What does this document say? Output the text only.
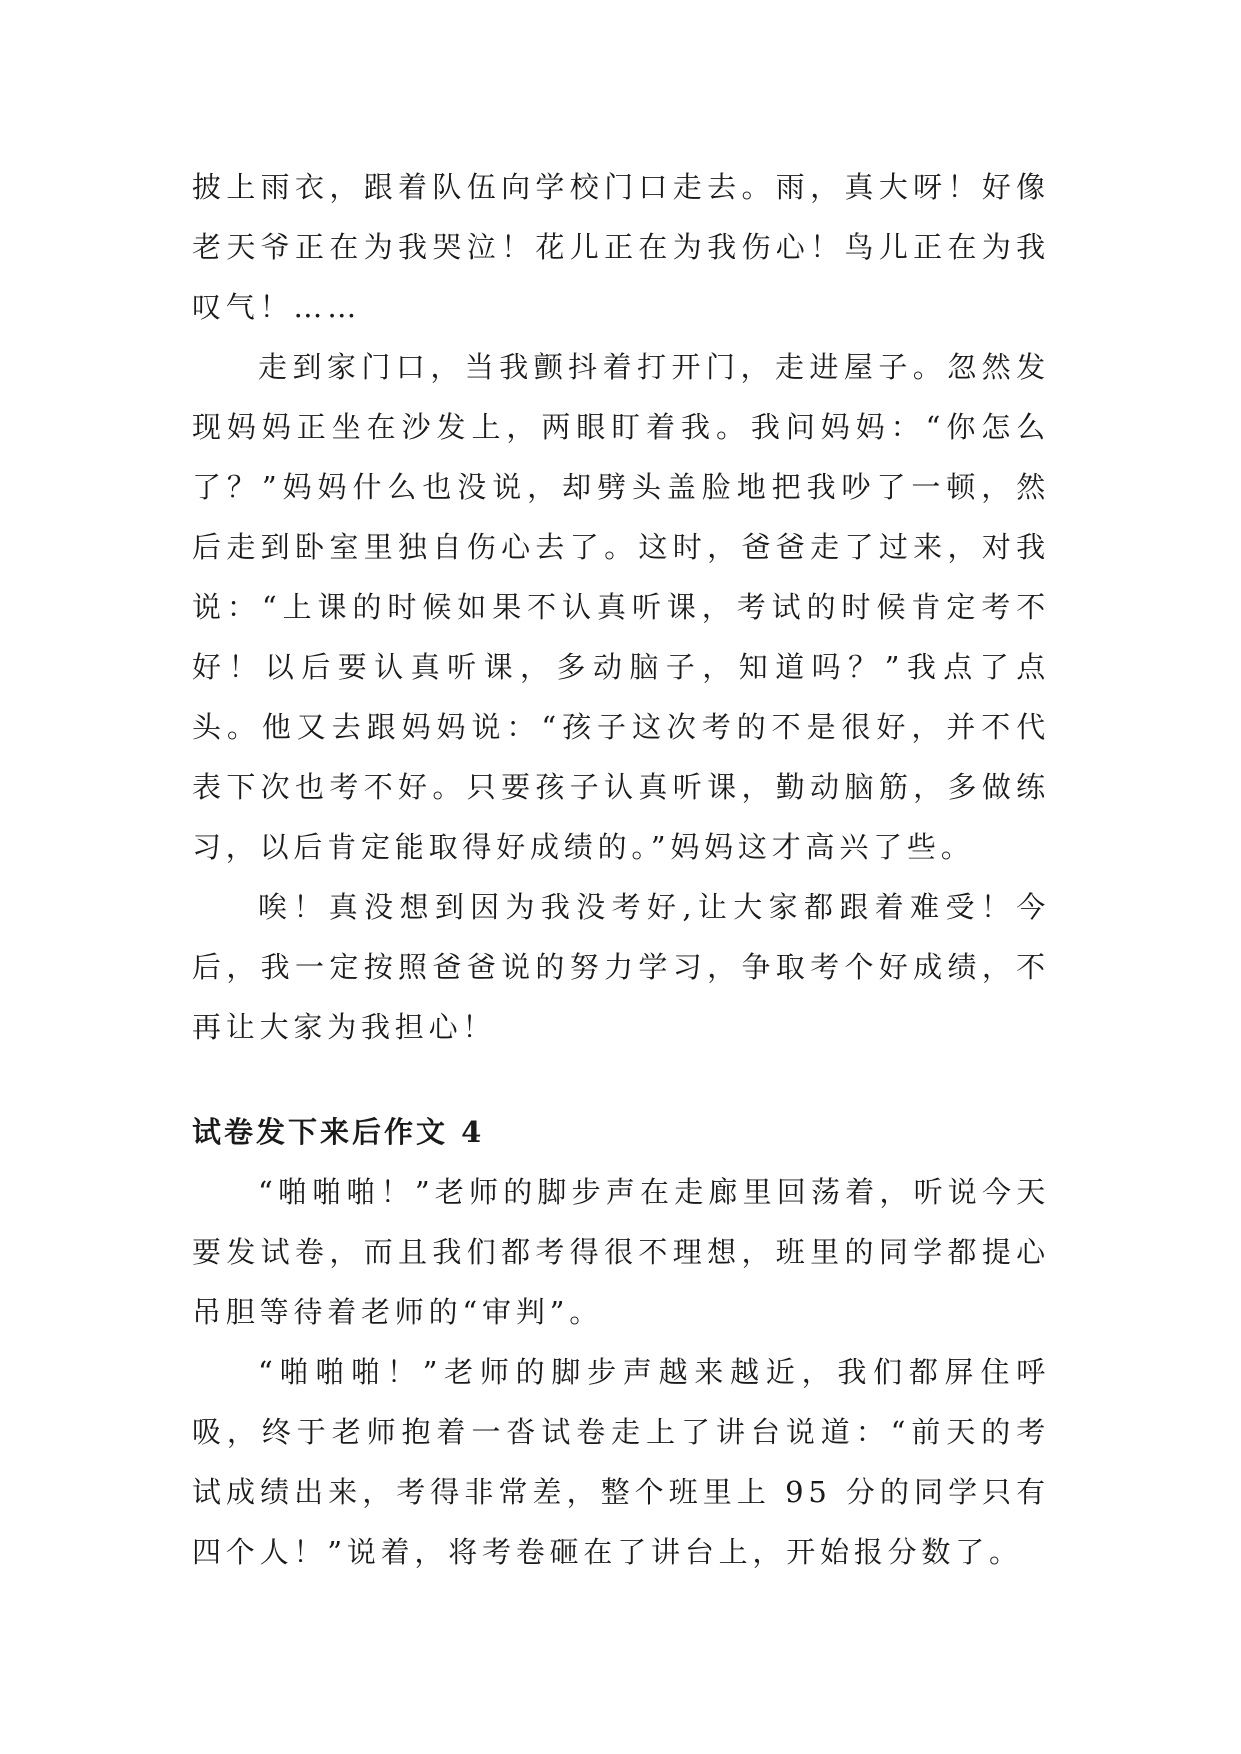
披上雨衣，跟着队伍向学校门口走去。雨，真大呀！好像老天爷正在为我哭泣！花儿正在为我伤心！鸟儿正在为我叹气！……

走到家门口，当我颤抖着打开门，走进屋子。忽然发现妈妈正坐在沙发上，两眼盯着我。我问妈妈：“你怎么了？”妈妈什么也没说，却劈头盖脸地把我吵了一顿，然后走到卧室里独自伤心去了。这时，爸爸走了过来，对我说：“上课的时候如果不认真听课，考试的时候肯定考不好！以后要认真听课，多动脑子，知道吗？”我点了点头。他又去跟妈妈说：“孩子这次考的不是很好，并不代表下次也考不好。只要孩子认真听课，勤动脑筋，多做练习，以后肯定能取得好成绩的。”妈妈这才高兴了些。

唉！真没想到因为我没考好,让大家都跟着难受！今后，我一定按照爸爸说的努力学习，争取考个好成绩，不再让大家为我担心！

试卷发下来后作文 4

“啪啪啪！”老师的脚步声在走廊里回荡着，听说今天要发试卷，而且我们都考得很不理想，班里的同学都提心吊胆等待着老师的“审判”。

“啪啪啪！”老师的脚步声越来越近，我们都屏住呼吸，终于老师抱着一沓试卷走上了讲台说道：“前天的考试成绩出来，考得非常差，整个班里上 95 分的同学只有四个人！”说着，将考卷砸在了讲台上，开始报分数了。
